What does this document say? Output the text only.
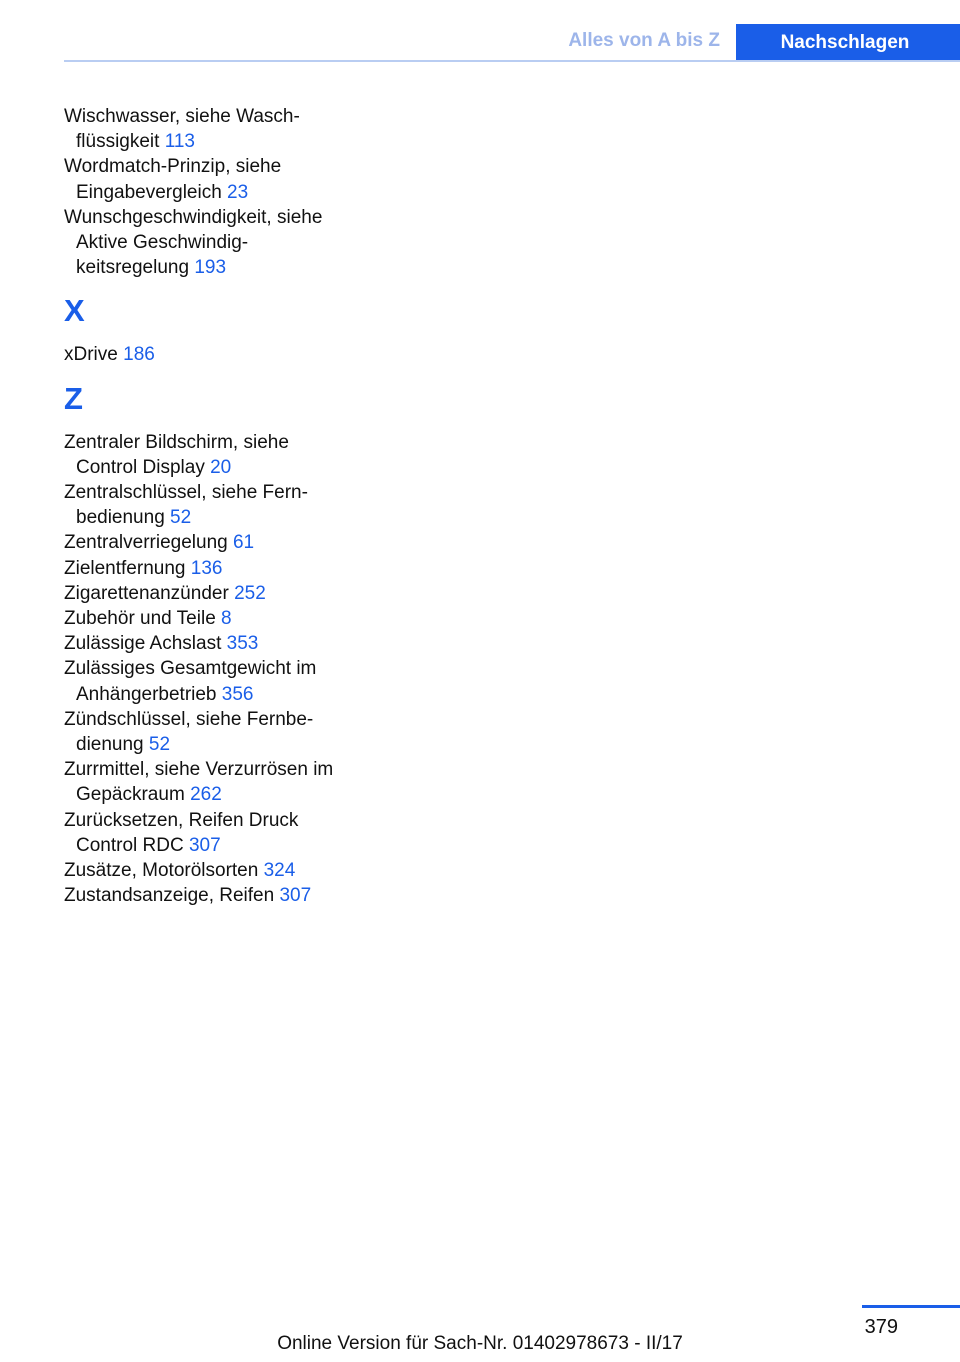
Alles von A bis Z	Nachschlagen
Wischwasser, siehe Wasch‐​flüssigkeit 113
Wordmatch-Prinzip, siehe Eingabevergleich 23
Wunschgeschwindigkeit, siehe Aktive Geschwindig‐​keitsregelung 193
X
xDrive 186
Z
Zentraler Bildschirm, siehe Control Display 20
Zentralschlüssel, siehe Fern‐​bedienung 52
Zentralverriegelung 61
Zielentfernung 136
Zigarettenanzünder 252
Zubehör und Teile 8
Zulässige Achslast 353
Zulässiges Gesamtgewicht im Anhängerbetrieb 356
Zündschlüssel, siehe Fernbe‐​dienung 52
Zurrmittel, siehe Verzurrösen im Gepäckraum 262
Zurücksetzen, Reifen Druck Control RDC 307
Zusätze, Motorölsorten 324
Zustandsanzeige, Reifen 307
379
Online Version für Sach-Nr. 01402978673 - II/17
